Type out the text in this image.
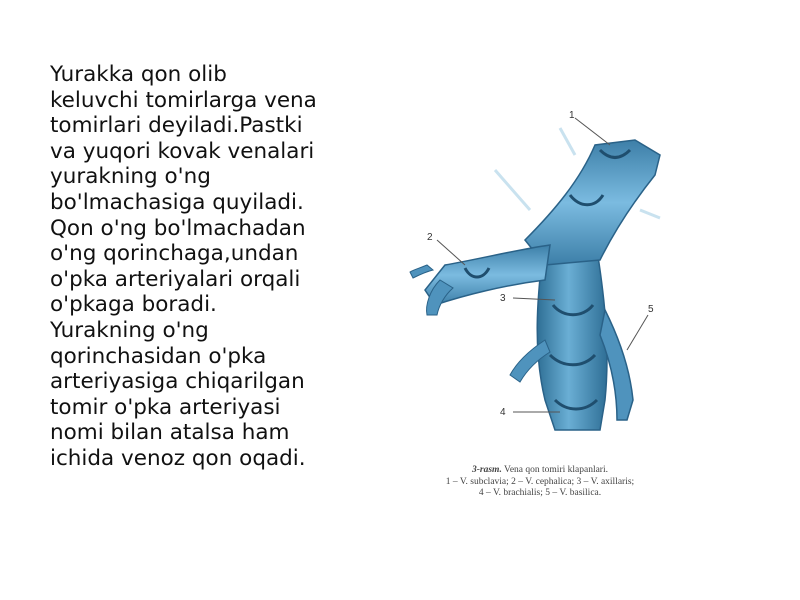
Yurakka qon olib
keluvchi tomirlarga vena
tomirlari deyiladi.Pastki
va yuqori kovak venalari
yurakning o'ng
bo'lmachasiga quyiladi.
Qon o'ng bo'lmachadan
o'ng qorinchaga,undan
o'pka arteriyalari orqali
o'pkaga boradi.
Yurakning o'ng
qorinchasidan o'pka
arteriyasiga chiqarilgan
tomir o'pka arteriyasi
nomi bilan atalsa ham
ichida venoz qon oqadi.

1
2
3
4
5
3-rasm. Vena qon tomiri klapanlari.
1 – V. subclavia; 2 – V. cephalica; 3 – V. axillaris;
4 – V. brachialis; 5 – V. basilica.
